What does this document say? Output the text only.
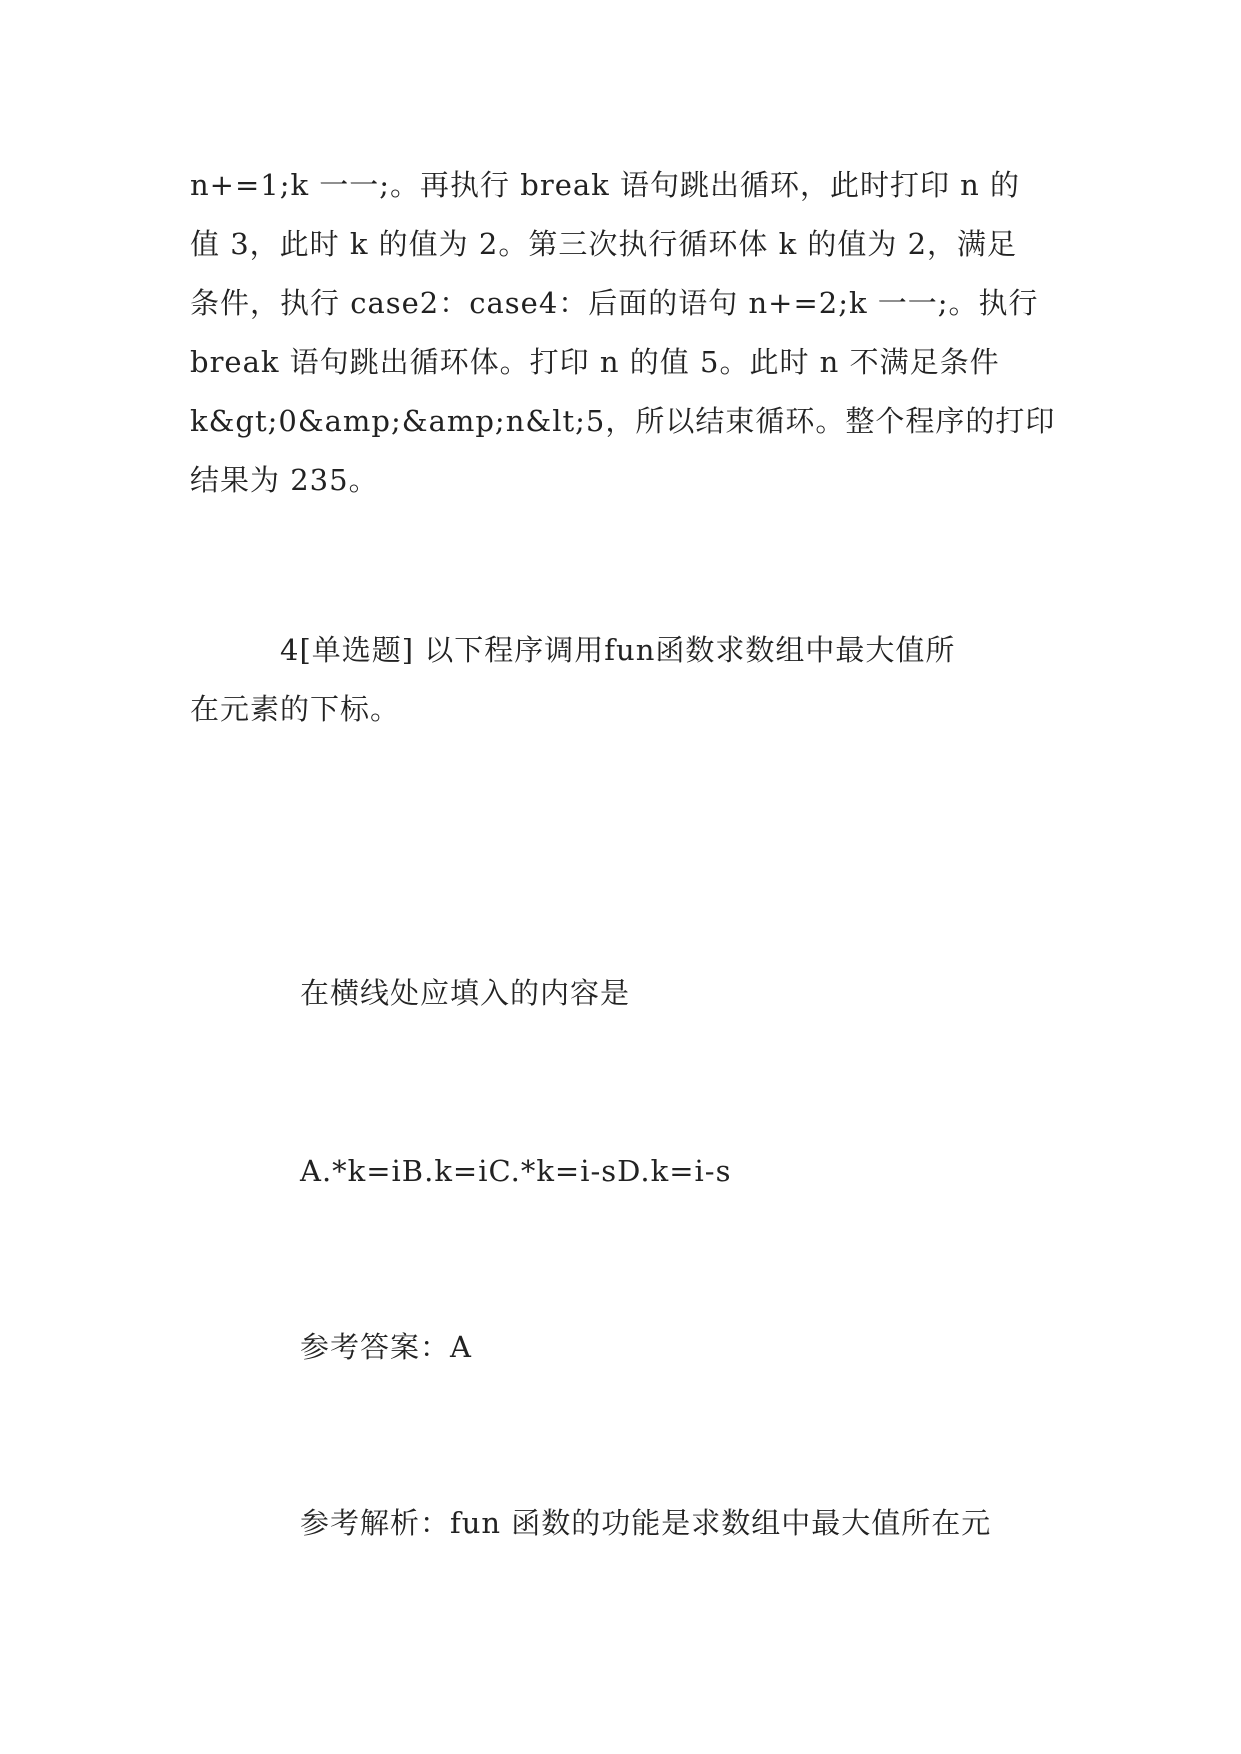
n+=1;k 一一;。再执行 break 语句跳出循环，此时打印 n 的
值 3，此时 k 的值为 2。第三次执行循环体 k 的值为 2，满足
条件，执行 case2：case4：后面的语句 n+=2;k 一一;。执行
break 语句跳出循环体。打印 n 的值 5。此时 n 不满足条件
k&gt;0&amp;&amp;n&lt;5，所以结束循环。整个程序的打印
结果为 235。
　　　4[单选题] 以下程序调用fun函数求数组中最大值所
在元素的下标。

在横线处应填入的内容是

A.*k=iB.k=iC.*k=i-sD.k=i-s

参考答案：A

参考解析：fun 函数的功能是求数组中最大值所在元
